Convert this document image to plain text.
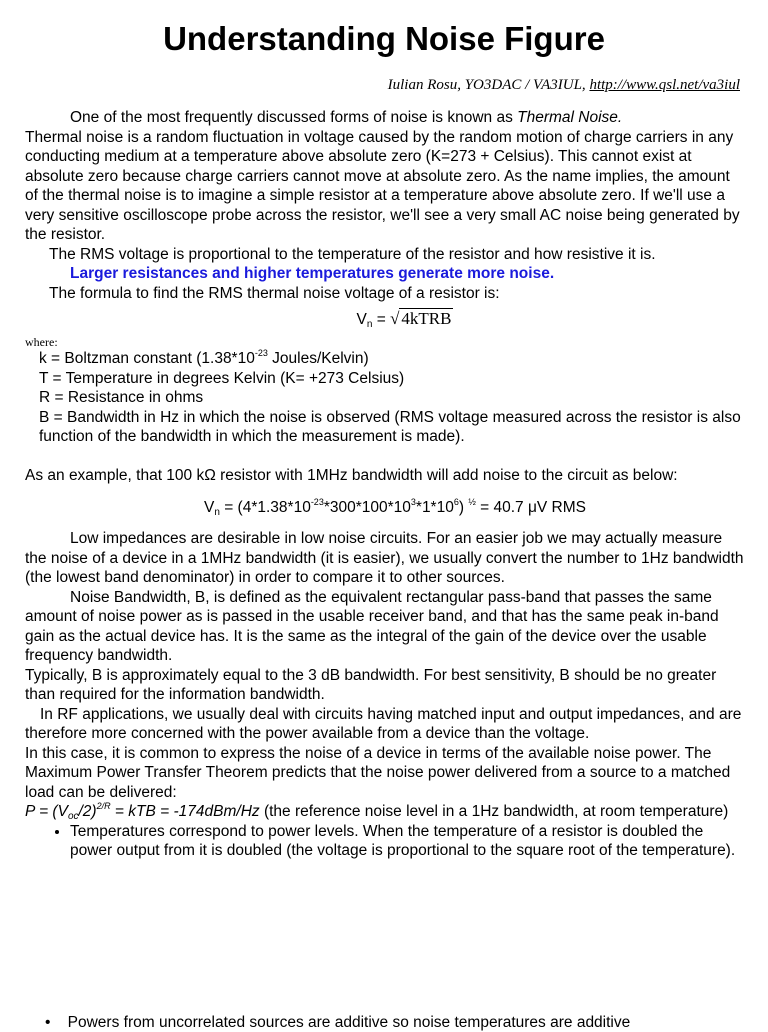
Understanding Noise Figure
Iulian Rosu, YO3DAC / VA3IUL, http://www.qsl.net/va3iul

One of the most frequently discussed forms of noise is known as Thermal Noise.

Thermal noise is a random fluctuation in voltage caused by the random motion of charge carriers in any conducting medium at a temperature above absolute zero (K=273 + Celsius). This cannot exist at absolute zero because charge carriers cannot move at absolute zero. As the name implies, the amount of the thermal noise is to imagine a simple resistor at a temperature above absolute zero. If we'll use a very sensitive oscilloscope probe across the resistor, we'll see a very small AC noise being generated by the resistor.

The RMS voltage is proportional to the temperature of the resistor and how resistive it is.

Larger resistances and higher temperatures generate more noise.

The formula to find the RMS thermal noise voltage of a resistor is:

$V_n$ = √ 4kTRB

where:

k = Boltzman constant ($1.38*10^{-23}$ Joules/Kelvin)

T = Temperature in degrees Kelvin (K= +273 Celsius)

R = Resistance in ohms

B = Bandwidth in Hz in which the noise is observed (RMS voltage measured across the resistor is also function of the bandwidth in which the measurement is made).

As an example, that 100 kΩ resistor with 1MHz bandwidth will add noise to the circuit as below:

$V_n = (4*1.38*10^{-23}*300*100*10^3*1*10^6) ^{\frac{1}{2}} = 40.7$ μV RMS

Low impedances are desirable in low noise circuits. For an easier job we may actually measure the noise of a device in a 1MHz bandwidth (it is easier), we usually convert the number to 1Hz bandwidth (the lowest band denominator) in order to compare it to other sources.

Noise Bandwidth, B, is defined as the equivalent rectangular pass-band that passes the same amount of noise power as is passed in the usable receiver band, and that has the same peak in-band gain as the actual device has. It is the same as the integral of the gain of the device over the usable frequency bandwidth.

Typically, B is approximately equal to the 3 dB bandwidth. For best sensitivity, B should be no greater than required for the information bandwidth.

In RF applications, we usually deal with circuits having matched input and output impedances, and are therefore more concerned with the power available from a device than the voltage.

In this case, it is common to express the noise of a device in terms of the available noise power. The Maximum Power Transfer Theorem predicts that the noise power delivered from a source to a matched load can be delivered:

$P = (V_{oc}/2)^{2/R}$ = kTB = -174dBm/Hz (the reference noise level in a 1Hz bandwidth, at room temperature)

• Temperatures correspond to power levels. When the temperature of a resistor is doubled the power output from it is doubled (the voltage is proportional to the square root of the temperature).
•    Powers from uncorrelated sources are additive so noise temperatures are additive
